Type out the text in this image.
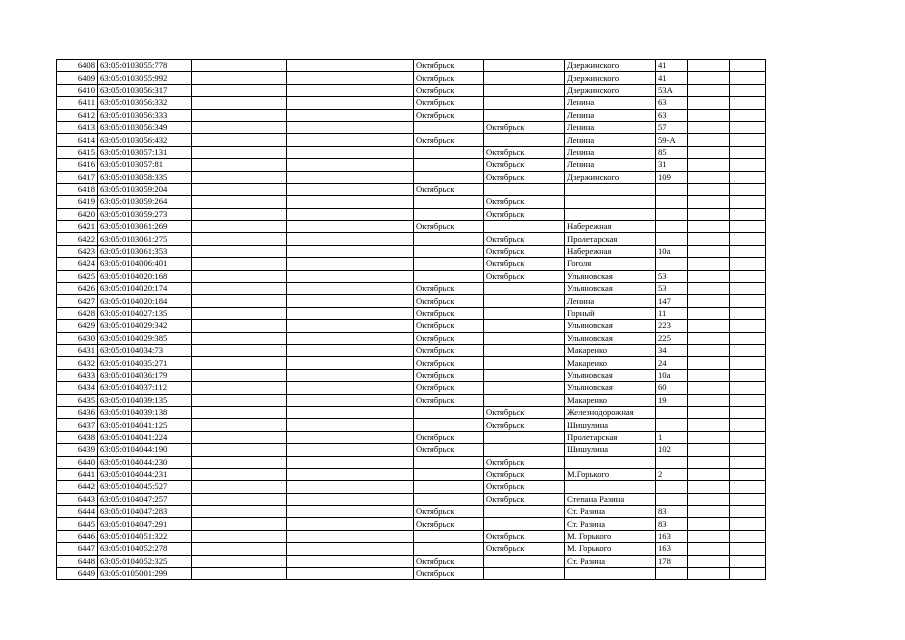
6408	63:05:0103055:778			Октябрьск		Дзержинского	41		
6409	63:05:0103055:992			Октябрьск		Дзержинского	41		
6410	63:05:0103056:317			Октябрьск		Дзержинского	53А		
6411	63:05:0103056:332			Октябрьск		Ленина	63		
6412	63:05:0103056:333			Октябрьск		Ленина	63		
6413	63:05:0103056:349				Октябрьск	Ленина	57		
6414	63:05:0103056:432			Октябрьск		Ленина	59-А		
6415	63:05:0103057:131				Октябрьск	Ленина	85		
6416	63:05:0103057:81				Октябрьск	Ленина	31		
6417	63:05:0103058:335				Октябрьск	Дзержинского	109		
6418	63:05:0103059:204			Октябрьск					
6419	63:05:0103059:264				Октябрьск				
6420	63:05:0103059:273				Октябрьск				
6421	63:05:0103061:269			Октябрьск		Набережная			
6422	63:05:0103061:275				Октябрьск	Пролетарская			
6423	63:05:0103061:353				Октябрьск	Набережная	10а		
6424	63:05:0104006:401				Октябрьск	Гоголя			
6425	63:05:0104020:168				Октябрьск	Ульяновская	53		
6426	63:05:0104020:174			Октябрьск		Ульяновская	53		
6427	63:05:0104020:184			Октябрьск		Ленина	147		
6428	63:05:0104027:135			Октябрьск		Горный	11		
6429	63:05:0104029:342			Октябрьск		Ульяновская	223		
6430	63:05:0104029:385			Октябрьск		Ульяновская	225		
6431	63:05:0104034:73			Октябрьск		Макаренко	34		
6432	63:05:0104035:271			Октябрьск		Макаренко	24		
6433	63:05:0104036:179			Октябрьск		Ульяновская	10а		
6434	63:05:0104037:112			Октябрьск		Ульяновская	60		
6435	63:05:0104039:135			Октябрьск		Макаренко	19		
6436	63:05:0104039:138				Октябрьск	Железнодорожная			
6437	63:05:0104041:125				Октябрьск	Шишулина			
6438	63:05:0104041:224			Октябрьск		Пролетарская	1		
6439	63:05:0104044:190			Октябрьск		Шишулина	102		
6440	63:05:0104044:230				Октябрьск				
6441	63:05:0104044:231				Октябрьск	М.Горького	2		
6442	63:05:0104045:527				Октябрьск				
6443	63:05:0104047:257				Октябрьск	Степана Разина			
6444	63:05:0104047:283			Октябрьск		Ст. Разина	83		
6445	63:05:0104047:291			Октябрьск		Ст. Разина	83		
6446	63:05:0104051:322				Октябрьск	М. Горького	163		
6447	63:05:0104052:278				Октябрьск	М. Горького	163		
6448	63:05:0104052:325			Октябрьск		Ст. Разина	178		
6449	63:05:0105001:299			Октябрьск					
